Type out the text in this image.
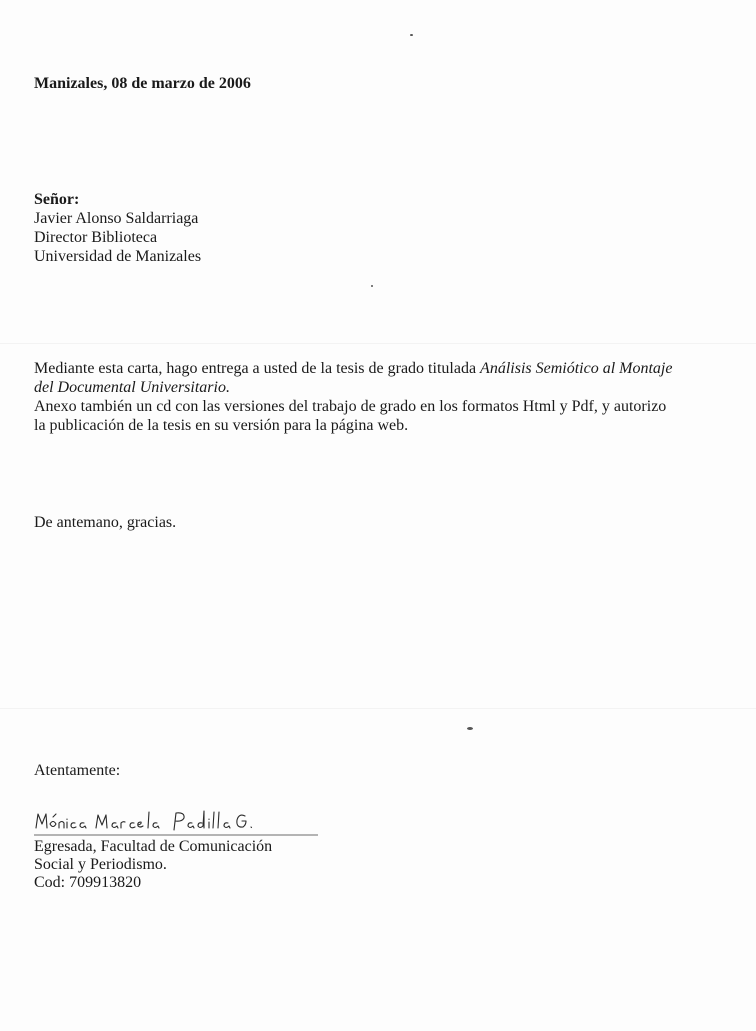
Manizales, 08 de marzo de 2006

Señor:
Javier Alonso Saldarriaga
Director Biblioteca
Universidad de Manizales

Mediante esta carta, hago entrega a usted de la tesis de grado titulada Análisis Semiótico al Montaje del Documental Universitario.
Anexo también un cd con las versiones del trabajo de grado en los formatos Html y Pdf, y autorizo la publicación de la tesis en su versión para la página web.

De antemano, gracias.

Atentamente:

Egresada, Facultad de Comunicación
Social y Periodismo.
Cod: 709913820
